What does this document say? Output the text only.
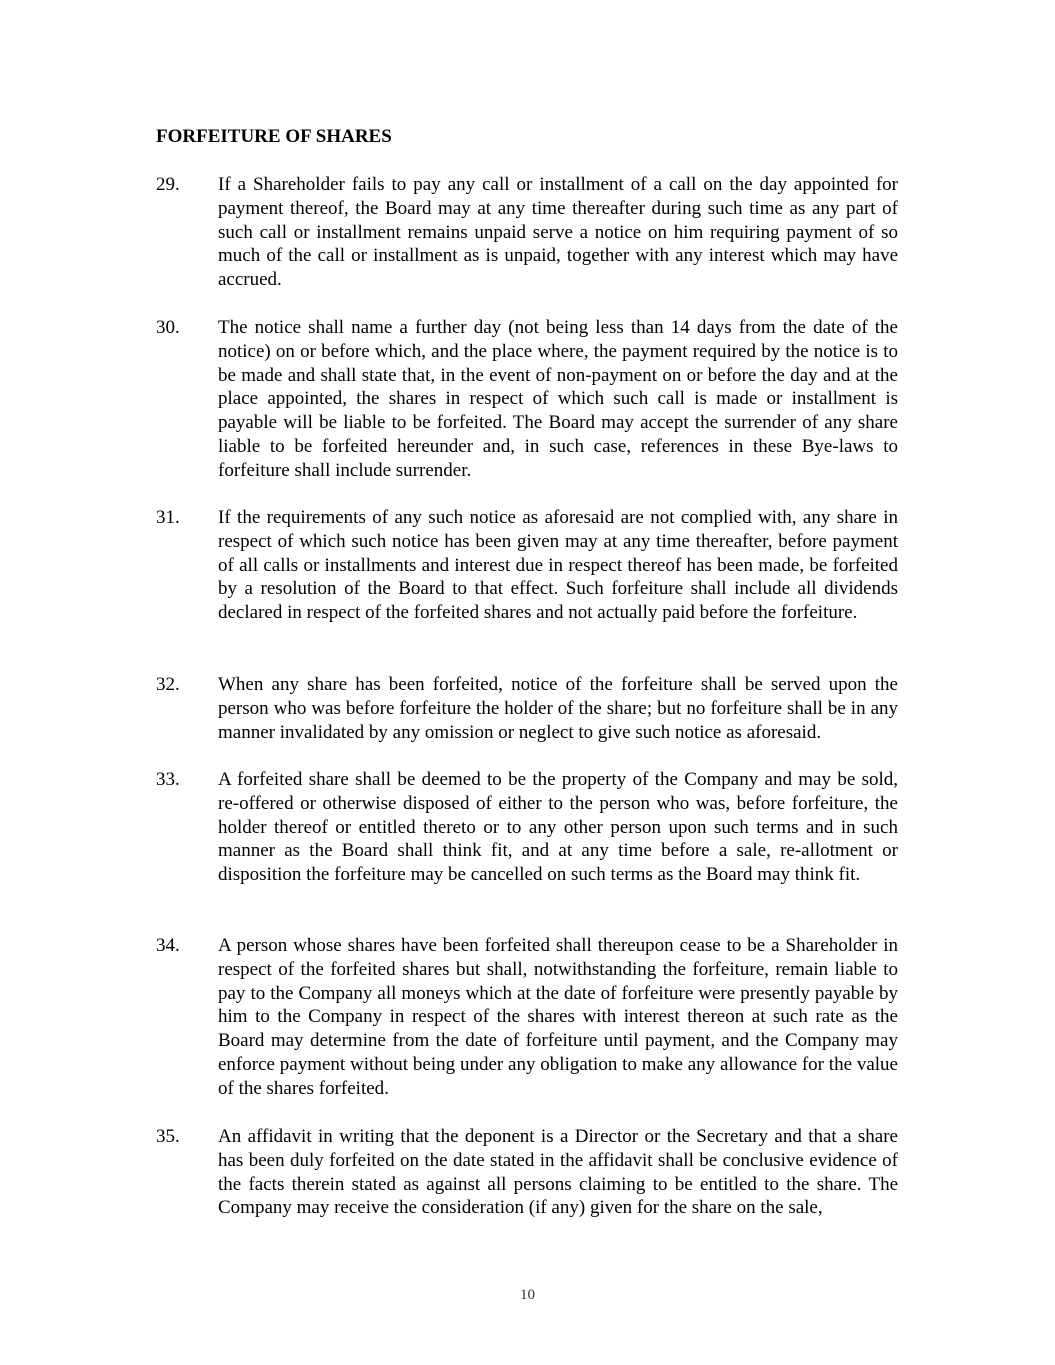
FORFEITURE OF SHARES
29.	If a Shareholder fails to pay any call or installment of a call on the day appointed for payment thereof, the Board may at any time thereafter during such time as any part of such call or installment remains unpaid serve a notice on him requiring payment of so much of the call or installment as is unpaid, together with any interest which may have accrued.
30.	The notice shall name a further day (not being less than 14 days from the date of the notice) on or before which, and the place where, the payment required by the notice is to be made and shall state that, in the event of non-payment on or before the day and at the place appointed, the shares in respect of which such call is made or installment is payable will be liable to be forfeited. The Board may accept the surrender of any share liable to be forfeited hereunder and, in such case, references in these Bye-laws to forfeiture shall include surrender.
31.	If the requirements of any such notice as aforesaid are not complied with, any share in respect of which such notice has been given may at any time thereafter, before payment of all calls or installments and interest due in respect thereof has been made, be forfeited by a resolution of the Board to that effect. Such forfeiture shall include all dividends declared in respect of the forfeited shares and not actually paid before the forfeiture.
32.	When any share has been forfeited, notice of the forfeiture shall be served upon the person who was before forfeiture the holder of the share; but no forfeiture shall be in any manner invalidated by any omission or neglect to give such notice as aforesaid.
33.	A forfeited share shall be deemed to be the property of the Company and may be sold, re-offered or otherwise disposed of either to the person who was, before forfeiture, the holder thereof or entitled thereto or to any other person upon such terms and in such manner as the Board shall think fit, and at any time before a sale, re-allotment or disposition the forfeiture may be cancelled on such terms as the Board may think fit.
34.	A person whose shares have been forfeited shall thereupon cease to be a Shareholder in respect of the forfeited shares but shall, notwithstanding the forfeiture, remain liable to pay to the Company all moneys which at the date of forfeiture were presently payable by him to the Company in respect of the shares with interest thereon at such rate as the Board may determine from the date of forfeiture until payment, and the Company may enforce payment without being under any obligation to make any allowance for the value of the shares forfeited.
35.	An affidavit in writing that the deponent is a Director or the Secretary and that a share has been duly forfeited on the date stated in the affidavit shall be conclusive evidence of the facts therein stated as against all persons claiming to be entitled to the share. The Company may receive the consideration (if any) given for the share on the sale,
10
